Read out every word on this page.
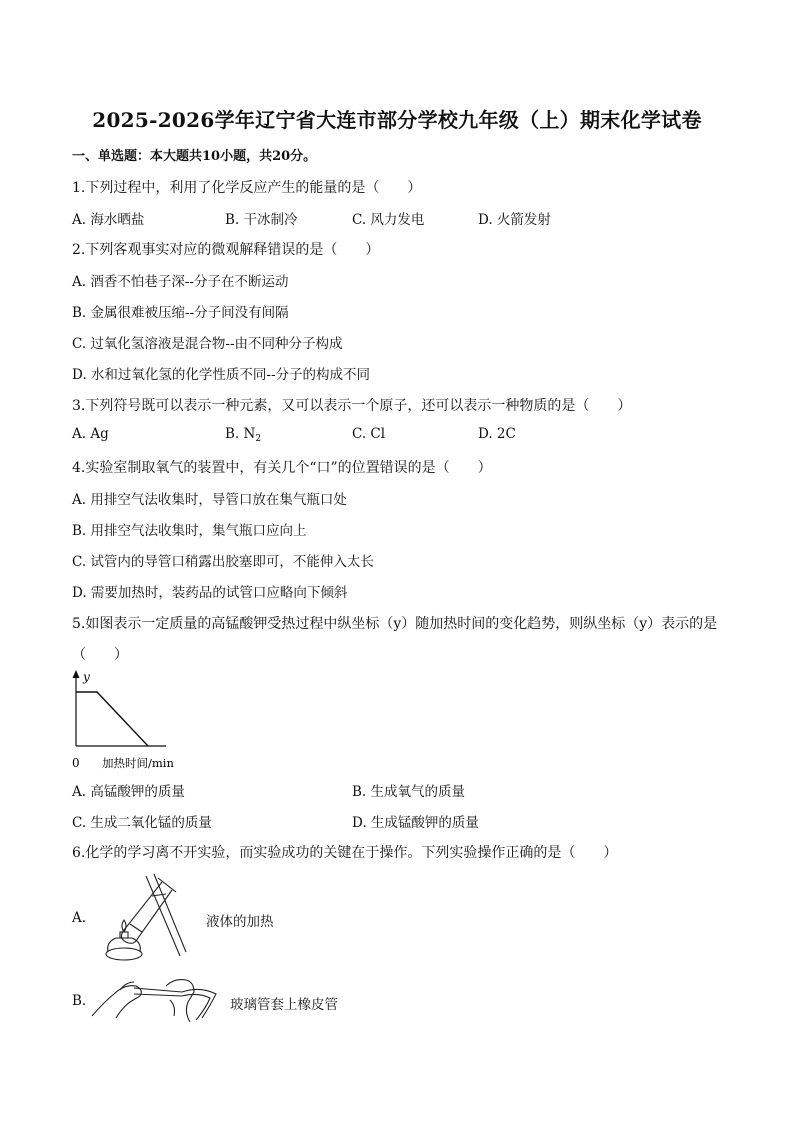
2025-2026学年辽宁省大连市部分学校九年级（上）期末化学试卷
一、单选题：本大题共10小题，共20分。
1.下列过程中，利用了化学反应产生的能量的是（　　）
A. 海水晒盐	B. 干冰制冷	C. 风力发电	D. 火箭发射
2.下列客观事实对应的微观解释错误的是（　　）
A. 酒香不怕巷子深--分子在不断运动
B. 金属很难被压缩--分子间没有间隔
C. 过氧化氢溶液是混合物--由不同种分子构成
D. 水和过氧化氢的化学性质不同--分子的构成不同
3.下列符号既可以表示一种元素，又可以表示一个原子，还可以表示一种物质的是（　　）
A. Ag	B. $N_2$	C. Cl	D. 2C
4.实验室制取氧气的装置中，有关几个“口”的位置错误的是（　　）
A. 用排空气法收集时，导管口放在集气瓶口处
B. 用排空气法收集时，集气瓶口应向上
C. 试管内的导管口稍露出胶塞即可，不能伸入太长
D. 需要加热时，装药品的试管口应略向下倾斜
5.如图表示一定质量的高锰酸钾受热过程中纵坐标（y）随加热时间的变化趋势，则纵坐标（y）表示的是
（　　）
y
0 加热时间/min
A. 高锰酸钾的质量	B. 生成氧气的质量
C. 生成二氧化锰的质量	D. 生成锰酸钾的质量
6.化学的学习离不开实验，而实验成功的关键在于操作。下列实验操作正确的是（　　）
A.	液体的加热
B.	玻璃管套上橡皮管
